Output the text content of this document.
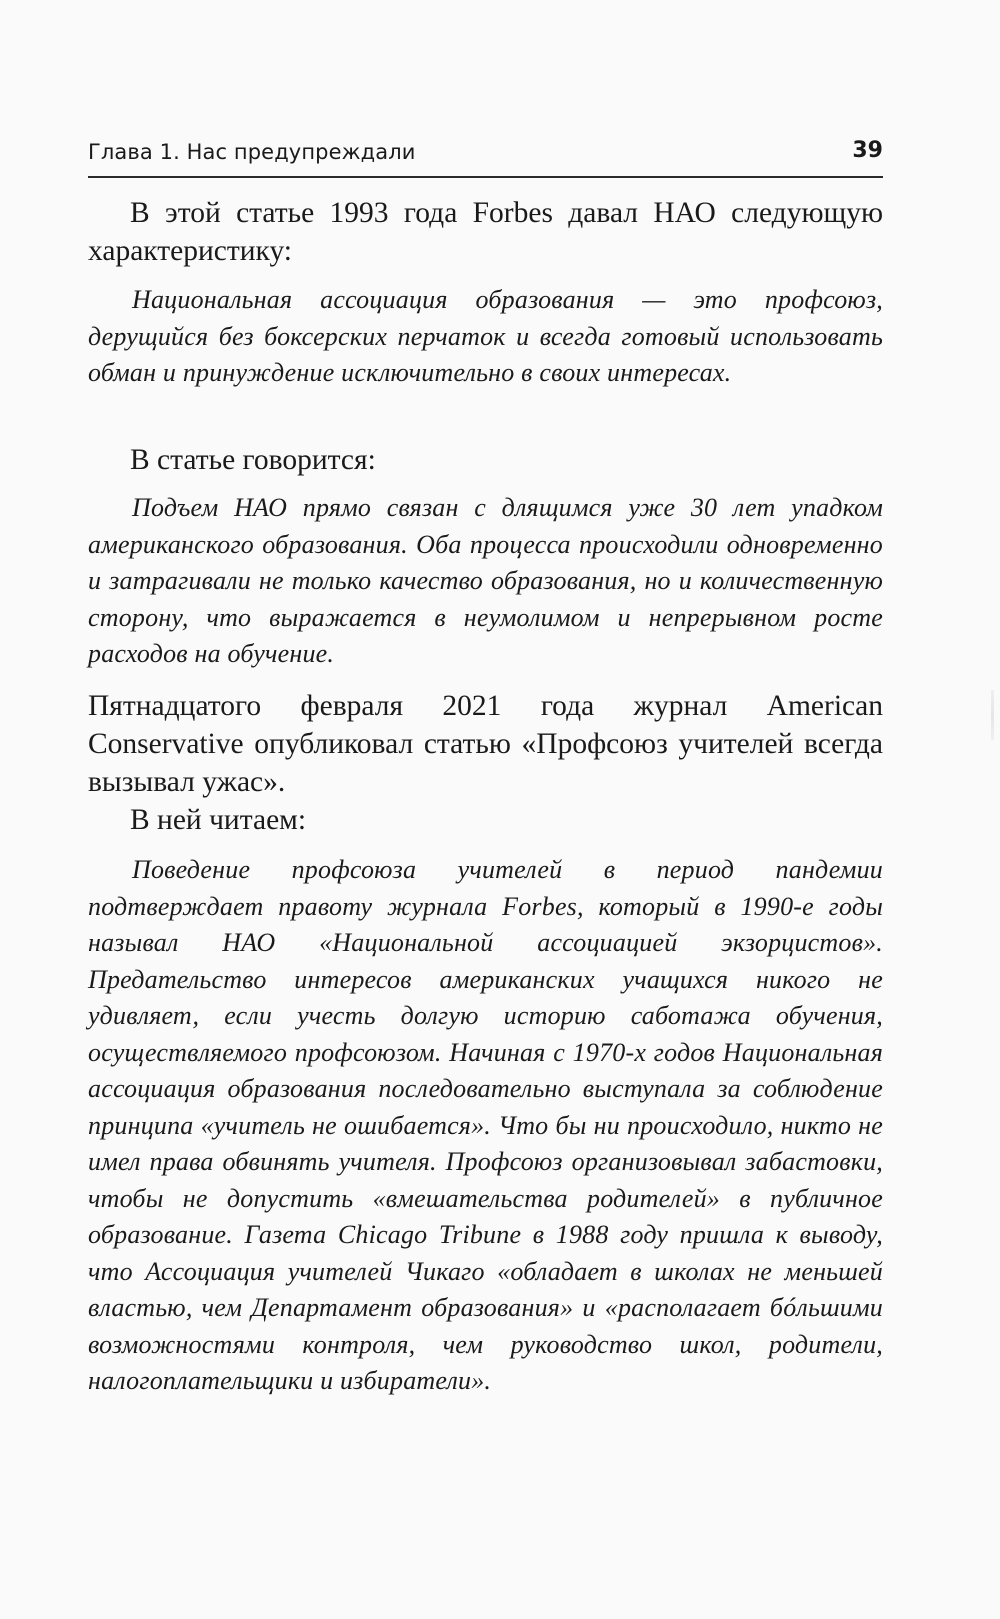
Глава 1. Нас предупреждали	39

В этой статье 1993 года Forbes давал НАО следующую характеристику:

Национальная ассоциация образования — это профсоюз, дерущийся без боксерских перчаток и всегда готовый использовать обман и принуждение исключительно в своих интересах.

В статье говорится:

Подъем НАО прямо связан с длящимся уже 30 лет упадком американского образования. Оба процесса происходили одновременно и затрагивали не только качество образования, но и количественную сторону, что выражается в неумолимом и непрерывном росте расходов на обучение.

Пятнадцатого февраля 2021 года журнал American Conservative опубликовал статью «Профсоюз учителей всегда вызывал ужас».

В ней читаем:

Поведение профсоюза учителей в период пандемии подтверждает правоту журнала Forbes, который в 1990-е годы называл НАО «Национальной ассоциацией экзорцистов». Предательство интересов американских учащихся никого не удивляет, если учесть долгую историю саботажа обучения, осуществляемого профсоюзом. Начиная с 1970-х годов Национальная ассоциация образования последовательно выступала за соблюдение принципа «учитель не ошибается». Что бы ни происходило, никто не имел права обвинять учителя. Профсоюз организовывал забастовки, чтобы не допустить «вмешательства родителей» в публичное образование. Газета Chicago Tribune в 1988 году пришла к выводу, что Ассоциация учителей Чикаго «обладает в школах не меньшей властью, чем Департамент образования» и «располагает бóльшими возможностями контроля, чем руководство школ, родители, налогоплательщики и избиратели».
